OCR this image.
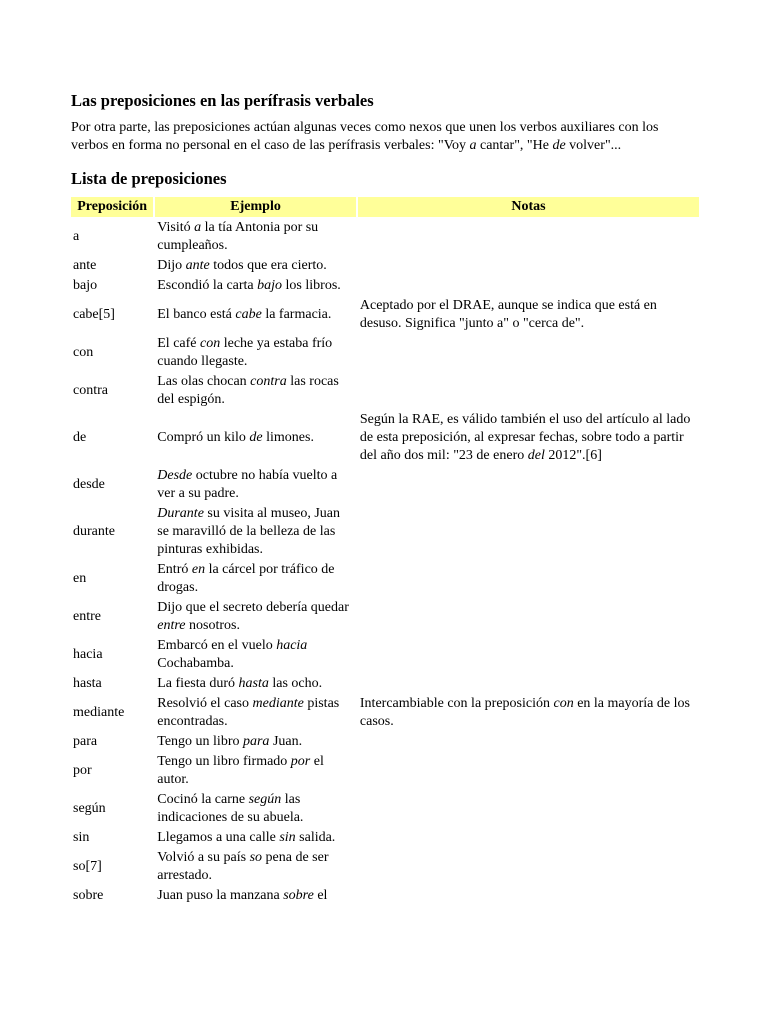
Las preposiciones en las perífrasis verbales

Por otra parte, las preposiciones actúan algunas veces como nexos que unen los verbos auxiliares con los verbos en forma no personal en el caso de las perífrasis verbales: "Voy a cantar", "He de volver"...

Lista de preposiciones
Preposición	Ejemplo	Notas
a	Visitó a la tía Antonia por su cumpleaños.	
ante	Dijo ante todos que era cierto.	
bajo	Escondió la carta bajo los libros.	
cabe[5]	El banco está cabe la farmacia.	Aceptado por el DRAE, aunque se indica que está en desuso. Significa "junto a" o "cerca de".
con	El café con leche ya estaba frío cuando llegaste.	
contra	Las olas chocan contra las rocas del espigón.	
de	Compró un kilo de limones.	Según la RAE, es válido también el uso del artículo al lado de esta preposición, al expresar fechas, sobre todo a partir del año dos mil: "23 de enero del 2012".[6]
desde	Desde octubre no había vuelto a ver a su padre.	
durante	Durante su visita al museo, Juan se maravilló de la belleza de las pinturas exhibidas.	
en	Entró en la cárcel por tráfico de drogas.	
entre	Dijo que el secreto debería quedar entre nosotros.	
hacia	Embarcó en el vuelo hacia Cochabamba.	
hasta	La fiesta duró hasta las ocho.	
mediante	Resolvió el caso mediante pistas encontradas.	Intercambiable con la preposición con en la mayoría de los casos.
para	Tengo un libro para Juan.	
por	Tengo un libro firmado por el autor.	
según	Cocinó la carne según las indicaciones de su abuela.	
sin	Llegamos a una calle sin salida.	
so[7]	Volvió a su país so pena de ser arrestado.	
sobre	Juan puso la manzana sobre el	
